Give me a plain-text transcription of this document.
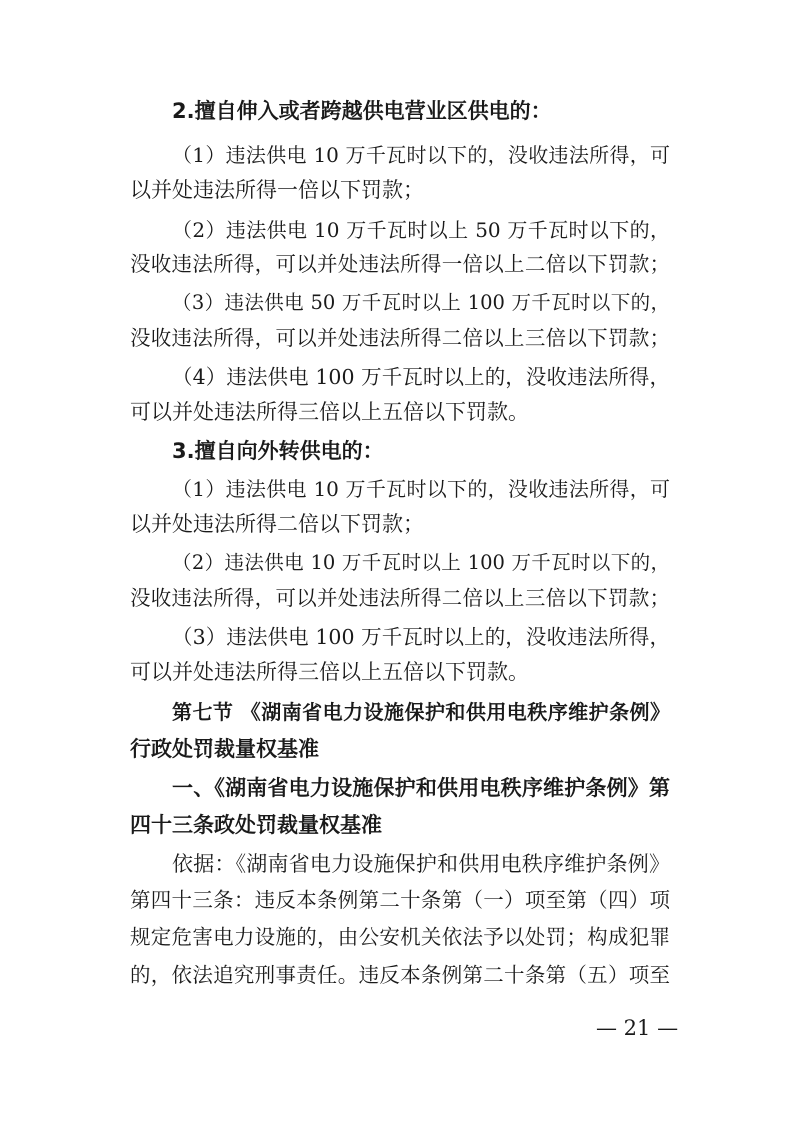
2.擅自伸入或者跨越供电营业区供电的：
（1）违法供电 10 万千瓦时以下的，没收违法所得，可
以并处违法所得一倍以下罚款；
（2）违法供电 10 万千瓦时以上 50 万千瓦时以下的，
没收违法所得，可以并处违法所得一倍以上二倍以下罚款；
（3）违法供电 50 万千瓦时以上 100 万千瓦时以下的，
没收违法所得，可以并处违法所得二倍以上三倍以下罚款；
（4）违法供电 100 万千瓦时以上的，没收违法所得，
可以并处违法所得三倍以上五倍以下罚款。
3.擅自向外转供电的：
（1）违法供电 10 万千瓦时以下的，没收违法所得，可
以并处违法所得二倍以下罚款；
（2）违法供电 10 万千瓦时以上 100 万千瓦时以下的，
没收违法所得，可以并处违法所得二倍以上三倍以下罚款；
（3）违法供电 100 万千瓦时以上的，没收违法所得，
可以并处违法所得三倍以上五倍以下罚款。
第七节 《湖南省电力设施保护和供用电秩序维护条例》
行政处罚裁量权基准
一、《湖南省电力设施保护和供用电秩序维护条例》第
四十三条政处罚裁量权基准
依据：《湖南省电力设施保护和供用电秩序维护条例》
第四十三条：违反本条例第二十条第（一）项至第（四）项
规定危害电力设施的，由公安机关依法予以处罚；构成犯罪
的，依法追究刑事责任。违反本条例第二十条第（五）项至
— 21 —
